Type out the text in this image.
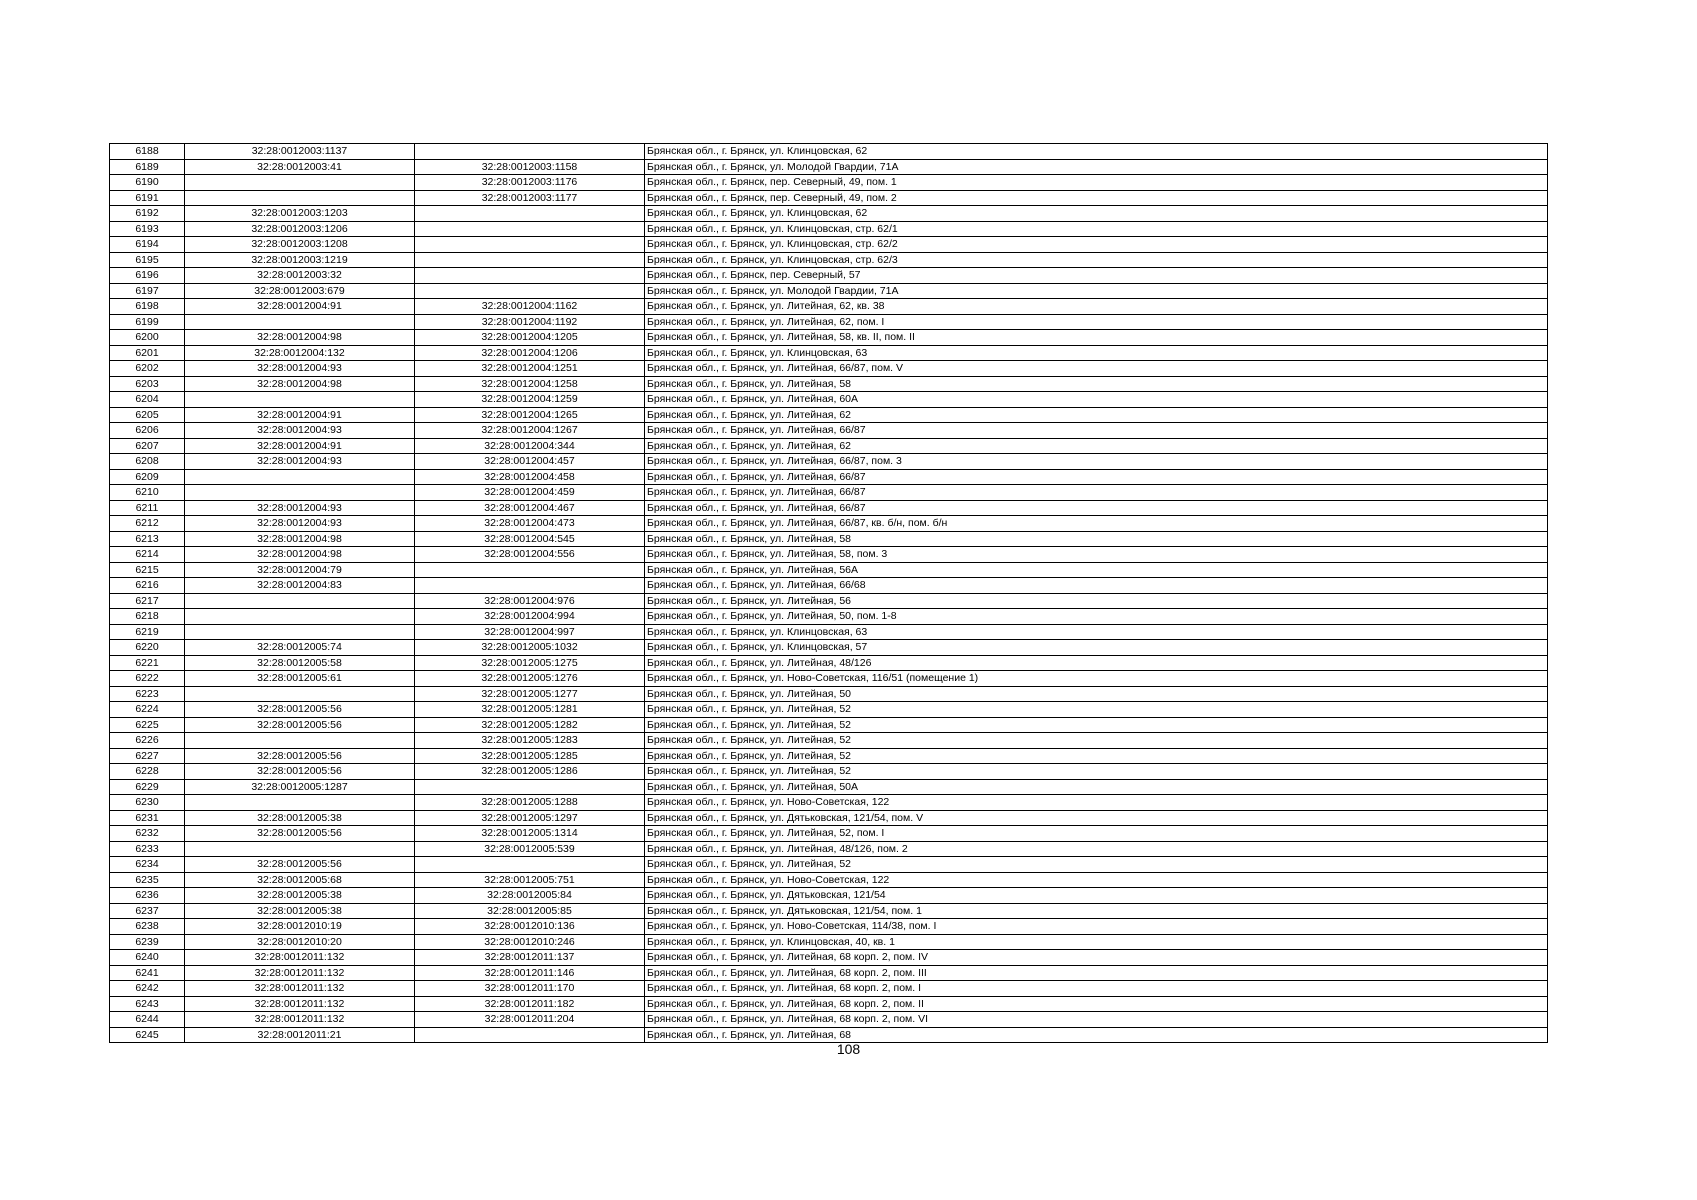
6188	32:28:0012003:1137		Брянская обл., г. Брянск, ул. Клинцовская, 62
6189	32:28:0012003:41	32:28:0012003:1158	Брянская обл., г. Брянск, ул. Молодой Гвардии, 71А
6190		32:28:0012003:1176	Брянская обл., г. Брянск, пер. Северный, 49, пом. 1
6191		32:28:0012003:1177	Брянская обл., г. Брянск, пер. Северный, 49, пом. 2
6192	32:28:0012003:1203		Брянская обл., г. Брянск, ул. Клинцовская, 62
6193	32:28:0012003:1206		Брянская обл., г. Брянск, ул. Клинцовская, стр. 62/1
6194	32:28:0012003:1208		Брянская обл., г. Брянск, ул. Клинцовская, стр. 62/2
6195	32:28:0012003:1219		Брянская обл., г. Брянск, ул. Клинцовская, стр. 62/3
6196	32:28:0012003:32		Брянская обл., г. Брянск, пер. Северный, 57
6197	32:28:0012003:679		Брянская обл., г. Брянск, ул. Молодой Гвардии, 71А
6198	32:28:0012004:91	32:28:0012004:1162	Брянская обл., г. Брянск, ул. Литейная, 62, кв. 38
6199		32:28:0012004:1192	Брянская обл., г. Брянск, ул. Литейная, 62, пом. I
6200	32:28:0012004:98	32:28:0012004:1205	Брянская обл., г. Брянск, ул. Литейная, 58, кв. II, пом. II
6201	32:28:0012004:132	32:28:0012004:1206	Брянская обл., г. Брянск, ул. Клинцовская, 63
6202	32:28:0012004:93	32:28:0012004:1251	Брянская обл., г. Брянск, ул. Литейная, 66/87, пом. V
6203	32:28:0012004:98	32:28:0012004:1258	Брянская обл., г. Брянск, ул. Литейная, 58
6204		32:28:0012004:1259	Брянская обл., г. Брянск, ул. Литейная, 60А
6205	32:28:0012004:91	32:28:0012004:1265	Брянская обл., г. Брянск, ул. Литейная, 62
6206	32:28:0012004:93	32:28:0012004:1267	Брянская обл., г. Брянск, ул. Литейная, 66/87
6207	32:28:0012004:91	32:28:0012004:344	Брянская обл., г. Брянск, ул. Литейная, 62
6208	32:28:0012004:93	32:28:0012004:457	Брянская обл., г. Брянск, ул. Литейная, 66/87, пом. 3
6209		32:28:0012004:458	Брянская обл., г. Брянск, ул. Литейная, 66/87
6210		32:28:0012004:459	Брянская обл., г. Брянск, ул. Литейная, 66/87
6211	32:28:0012004:93	32:28:0012004:467	Брянская обл., г. Брянск, ул. Литейная, 66/87
6212	32:28:0012004:93	32:28:0012004:473	Брянская обл., г. Брянск, ул. Литейная, 66/87, кв. б/н, пом. б/н
6213	32:28:0012004:98	32:28:0012004:545	Брянская обл., г. Брянск, ул. Литейная, 58
6214	32:28:0012004:98	32:28:0012004:556	Брянская обл., г. Брянск, ул. Литейная, 58, пом. 3
6215	32:28:0012004:79		Брянская обл., г. Брянск, ул. Литейная, 56А
6216	32:28:0012004:83		Брянская обл., г. Брянск, ул. Литейная, 66/68
6217		32:28:0012004:976	Брянская обл., г. Брянск, ул. Литейная, 56
6218		32:28:0012004:994	Брянская обл., г. Брянск, ул. Литейная, 50, пом. 1-8
6219		32:28:0012004:997	Брянская обл., г. Брянск, ул. Клинцовская, 63
6220	32:28:0012005:74	32:28:0012005:1032	Брянская обл., г. Брянск, ул. Клинцовская, 57
6221	32:28:0012005:58	32:28:0012005:1275	Брянская обл., г. Брянск, ул. Литейная, 48/126
6222	32:28:0012005:61	32:28:0012005:1276	Брянская обл., г. Брянск, ул. Ново-Советская, 116/51 (помещение 1)
6223		32:28:0012005:1277	Брянская обл., г. Брянск, ул. Литейная, 50
6224	32:28:0012005:56	32:28:0012005:1281	Брянская обл., г. Брянск, ул. Литейная, 52
6225	32:28:0012005:56	32:28:0012005:1282	Брянская обл., г. Брянск, ул. Литейная, 52
6226		32:28:0012005:1283	Брянская обл., г. Брянск, ул. Литейная, 52
6227	32:28:0012005:56	32:28:0012005:1285	Брянская обл., г. Брянск, ул. Литейная, 52
6228	32:28:0012005:56	32:28:0012005:1286	Брянская обл., г. Брянск, ул. Литейная, 52
6229	32:28:0012005:1287		Брянская обл., г. Брянск, ул. Литейная, 50А
6230		32:28:0012005:1288	Брянская обл., г. Брянск, ул. Ново-Советская, 122
6231	32:28:0012005:38	32:28:0012005:1297	Брянская обл., г. Брянск, ул. Дятьковская, 121/54, пом. V
6232	32:28:0012005:56	32:28:0012005:1314	Брянская обл., г. Брянск, ул. Литейная, 52, пом. I
6233		32:28:0012005:539	Брянская обл., г. Брянск, ул. Литейная, 48/126, пом. 2
6234	32:28:0012005:56		Брянская обл., г. Брянск, ул. Литейная, 52
6235	32:28:0012005:68	32:28:0012005:751	Брянская обл., г. Брянск, ул. Ново-Советская, 122
6236	32:28:0012005:38	32:28:0012005:84	Брянская обл., г. Брянск, ул. Дятьковская, 121/54
6237	32:28:0012005:38	32:28:0012005:85	Брянская обл., г. Брянск, ул. Дятьковская, 121/54, пом. 1
6238	32:28:0012010:19	32:28:0012010:136	Брянская обл., г. Брянск, ул. Ново-Советская, 114/38, пом. I
6239	32:28:0012010:20	32:28:0012010:246	Брянская обл., г. Брянск, ул. Клинцовская, 40, кв. 1
6240	32:28:0012011:132	32:28:0012011:137	Брянская обл., г. Брянск, ул. Литейная, 68 корп. 2, пом. IV
6241	32:28:0012011:132	32:28:0012011:146	Брянская обл., г. Брянск, ул. Литейная, 68 корп. 2, пом. III
6242	32:28:0012011:132	32:28:0012011:170	Брянская обл., г. Брянск, ул. Литейная, 68 корп. 2, пом. I
6243	32:28:0012011:132	32:28:0012011:182	Брянская обл., г. Брянск, ул. Литейная, 68 корп. 2, пом. II
6244	32:28:0012011:132	32:28:0012011:204	Брянская обл., г. Брянск, ул. Литейная, 68 корп. 2, пом. VI
6245	32:28:0012011:21		Брянская обл., г. Брянск, ул. Литейная, 68
108
